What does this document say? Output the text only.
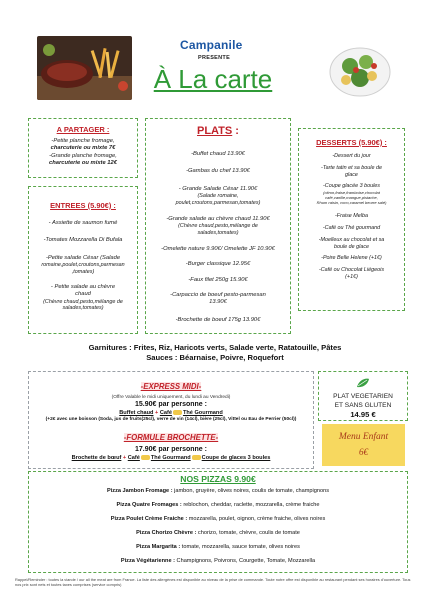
Campanile
PRESENTE
À La carte
A PARTAGER :
-Petite planche fromage,
charcuterie ou mixte 7€
-Grande planche fromage,
charcuterie ou mixte 12€
ENTREES (5.90€) :
- Assiette de saumon fumé
-Tomates Mozzarella Di Bufala
-Petite salade César (Salade
romaine,poulet,croutons,parmesan
,tomates)
- Petite salade au chèvre
chaud
(Chèvre chaud,pesto,mélange de
salades,tomates)
PLATS :
-Buffet chaud 13.90€
-Gambas du chef 13.90€
- Grande Salade César 11.90€
(Salade romaine,
poulet,croutons,parmesan,tomates)
-Grande salade au chèvre chaud 11.90€
(Chèvre chaud,pesto,mélange de
salades,tomates)
-Omelette nature 9.90€/ Omelette JF 10.90€
-Burger classique 12.95€
-Faux filet 250g 15.90€
-Carpaccio de boeuf pesto-parmesan
13.90€
-Brochette de boeuf 175g 13.90€
DESSERTS (5.90€) :
-Dessert du jour
-Tarte tatin et sa boule de
glace
-Coupe glacée 3 boules
(citron,fraise,framboise,chocolat
café,vanille,mangue,pistache,
Rhum raisin, coco,caramel beurre salé)
-Fraise Melba
-Café ou Thé gourmand
-Moelleux au chocolat et sa
boule de glace
-Poire Belle Helene (+1€)
-Café ou Chocolat Liégeois
(+1€)
Garnitures : Frites, Riz, Haricots verts, Salade verte, Ratatouille, Pâtes
Sauces : Béarnaise, Poivre, Roquefort
-EXPRESS MIDI-
(Offre Valable le midi uniquement, du lundi au Vendredi)
15.90€ par personne :
Buffet chaud + Café Thé Gourmand
(+2€ avec une boisson (Soda, jus de fruits(25cl), verre de vin (14cl), bière (25cl), Vittel ou Eau de Perrier (50cl))
-FORMULE BROCHETTE-
17.90€ par personne :
Brochette de bœuf + Café Thé Gourmand Coupe de glaces 3 boules
PLAT VEGETARIEN
ET SANS GLUTEN
14.95 €
Menu Enfant
6€
NOS PIZZAS 9.90€
Pizza Jambon Fromage : jambon, gruyère, olives noires, coulis de tomate, champignons
Pizza Quatre Fromages : reblochon, cheddar, raclette, mozzarella, crème fraiche
Pizza Poulet Crème Fraiche : mozzarella, poulet, oignon, crème fraiche, olives noires
Pizza Chorizo Chèvre : chorizo, tomate, chèvre, coulis de tomate
Pizza Margarita : tomate, mozzarella, sauce tomate, olives noires
Pizza Végétarienne : Champignons, Poivrons, Courgette, Tomate, Mozzarella
Rappel/Reminder : toutes la viande / our all the meat are from France. La liste des allergènes est disponible au niveau de la prise de commande. Toute notre offre est disponible au restaurant pendant ses horaires d'ouverture. Tous nos prix sont nets et toutes taxes comprises (service compris)
